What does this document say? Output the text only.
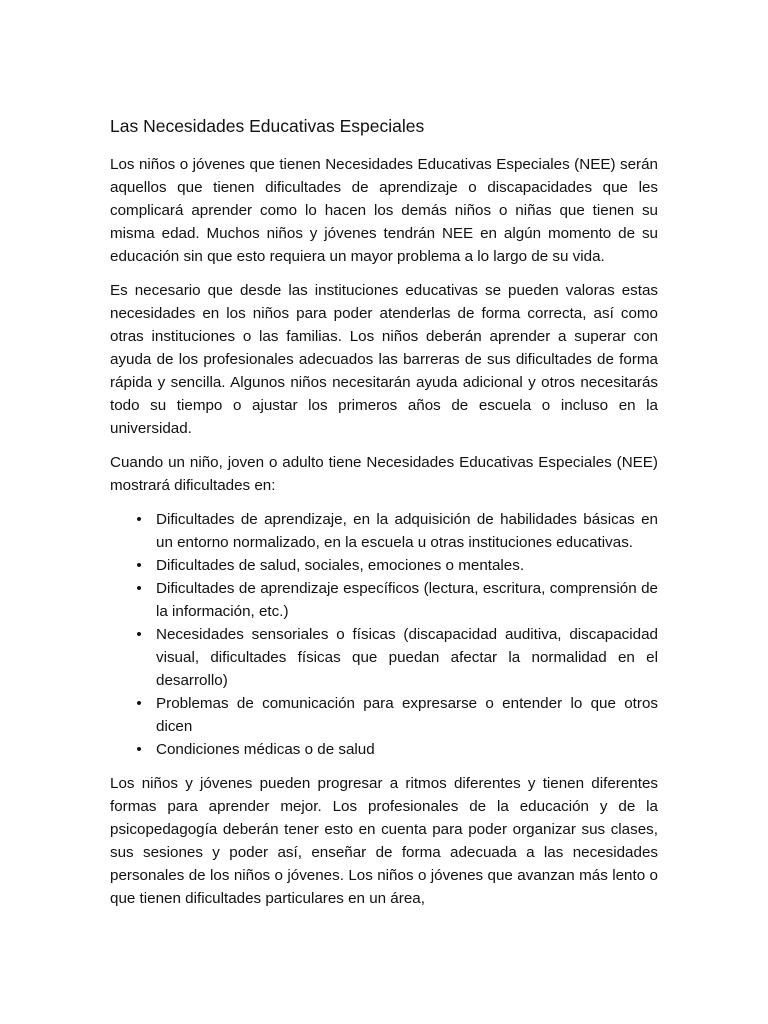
Las Necesidades Educativas Especiales

Los niños o jóvenes que tienen Necesidades Educativas Especiales (NEE) serán aquellos que tienen dificultades de aprendizaje o discapacidades que les complicará aprender como lo hacen los demás niños o niñas que tienen su misma edad. Muchos niños y jóvenes tendrán NEE en algún momento de su educación sin que esto requiera un mayor problema a lo largo de su vida.

Es necesario que desde las instituciones educativas se pueden valoras estas necesidades en los niños para poder atenderlas de forma correcta, así como otras instituciones o las familias. Los niños deberán aprender a superar con ayuda de los profesionales adecuados las barreras de sus dificultades de forma rápida y sencilla. Algunos niños necesitarán ayuda adicional y otros necesitarás todo su tiempo o ajustar los primeros años de escuela o incluso en la universidad.

Cuando un niño, joven o adulto tiene Necesidades Educativas Especiales (NEE) mostrará dificultades en:

• Dificultades de aprendizaje, en la adquisición de habilidades básicas en un entorno normalizado, en la escuela u otras instituciones educativas.
• Dificultades de salud, sociales, emociones o mentales.
• Dificultades de aprendizaje específicos (lectura, escritura, comprensión de la información, etc.)
• Necesidades sensoriales o físicas (discapacidad auditiva, discapacidad visual, dificultades físicas que puedan afectar la normalidad en el desarrollo)
• Problemas de comunicación para expresarse o entender lo que otros dicen
• Condiciones médicas o de salud

Los niños y jóvenes pueden progresar a ritmos diferentes y tienen diferentes formas para aprender mejor. Los profesionales de la educación y de la psicopedagogía deberán tener esto en cuenta para poder organizar sus clases, sus sesiones y poder así, enseñar de forma adecuada a las necesidades personales de los niños o jóvenes. Los niños o jóvenes que avanzan más lento o que tienen dificultades particulares en un área,
